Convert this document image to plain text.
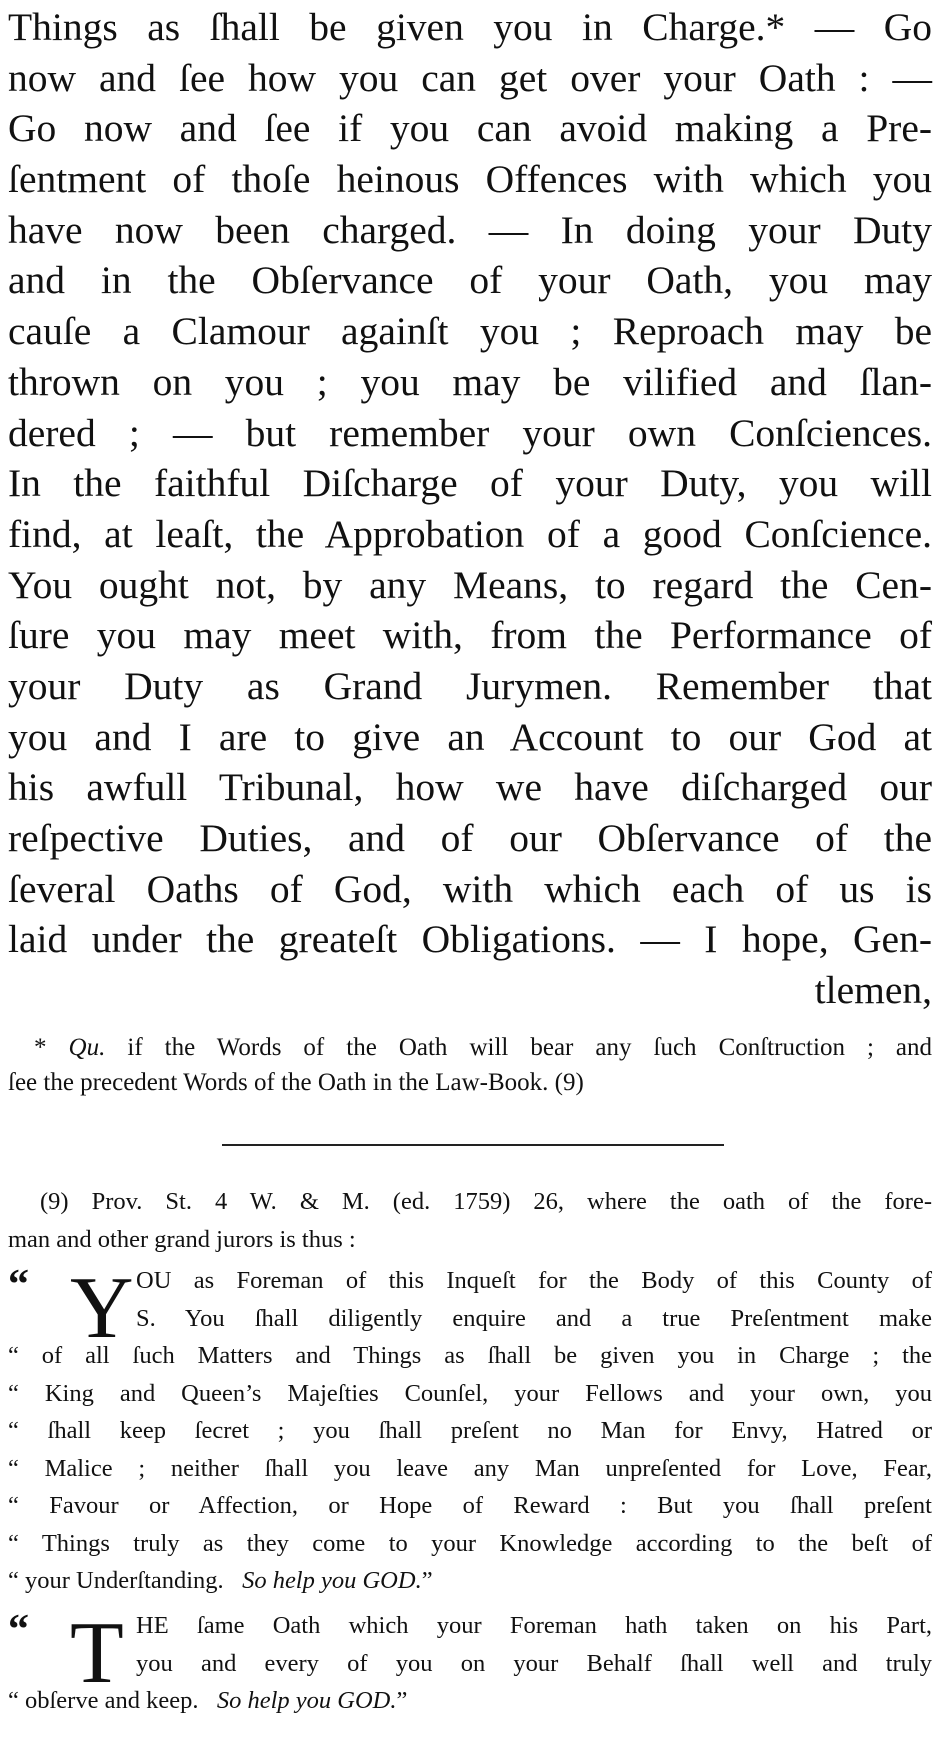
Things as ſhall be given you in Charge.* — Go
now and ſee how you can get over your Oath : —
Go now and ſee if you can avoid making a Pre-
ſentment of thoſe heinous Offences with which you
have now been charged. — In doing your Duty
and in the Obſervance of your Oath, you may
cauſe a Clamour againſt you ; Reproach may be
thrown on you ; you may be vilified and ſlan-
dered ; — but remember your own Conſciences.
In the faithful Diſcharge of your Duty, you will
find, at leaſt, the Approbation of a good Conſcience.
You ought not, by any Means, to regard the Cen-
ſure you may meet with, from the Performance of
your Duty as Grand Jurymen. Remember that
you and I are to give an Account to our God at
his awfull Tribunal, how we have diſcharged our
reſpective Duties, and of our Obſervance of the
ſeveral Oaths of God, with which each of us is
laid under the greateſt Obligations. — I hope, Gen-
tlemen,
* Qu. if the Words of the Oath will bear any ſuch Conſtruction ; and
ſee the precedent Words of the Oath in the Law-Book. (9)
(9) Prov. St. 4 W. & M. (ed. 1759) 26, where the oath of the fore-
man and other grand jurors is thus :
“ Y OU as Foreman of this Inqueſt for the Body of this County of
S. You ſhall diligently enquire and a true Preſentment make
“ of all ſuch Matters and Things as ſhall be given you in Charge ; the
“ King and Queen’s Majeſties Counſel, your Fellows and your own, you
“ ſhall keep ſecret ; you ſhall preſent no Man for Envy, Hatred or
“ Malice ; neither ſhall you leave any Man unpreſented for Love, Fear,
“ Favour or Affection, or Hope of Reward : But you ſhall preſent
“ Things truly as they come to your Knowledge according to the beſt of
“ your Underſtanding. So help you GOD.”
“ T HE ſame Oath which your Foreman hath taken on his Part,
you and every of you on your Behalf ſhall well and truly
“ obſerve and keep. So help you GOD.”
